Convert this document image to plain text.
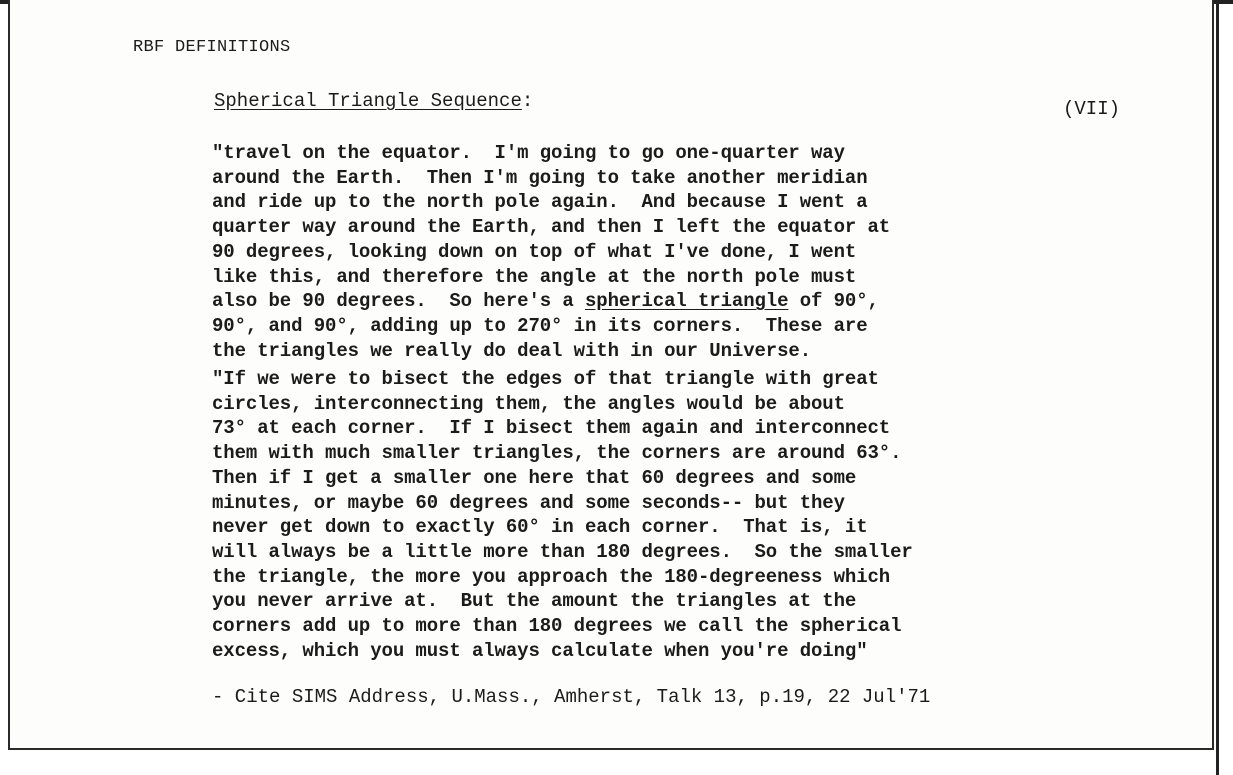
RBF DEFINITIONS
Spherical Triangle Sequence:	(VII)
"travel on the equator.  I'm going to go one-quarter way
around the Earth.  Then I'm going to take another meridian
and ride up to the north pole again.  And because I went a
quarter way around the Earth, and then I left the equator at
90 degrees, looking down on top of what I've done, I went
like this, and therefore the angle at the north pole must
also be 90 degrees.  So here's a spherical triangle of 90°,
90°, and 90°, adding up to 270° in its corners.  These are
the triangles we really do deal with in our Universe.
"If we were to bisect the edges of that triangle with great
circles, interconnecting them, the angles would be about
73° at each corner.  If I bisect them again and interconnect
them with much smaller triangles, the corners are around 63°.
Then if I get a smaller one here that 60 degrees and some
minutes, or maybe 60 degrees and some seconds-- but they
never get down to exactly 60° in each corner.  That is, it
will always be a little more than 180 degrees.  So the smaller
the triangle, the more you approach the 180-degreeness which
you never arrive at.  But the amount the triangles at the
corners add up to more than 180 degrees we call the spherical
excess, which you must always calculate when you're doing"
- Cite SIMS Address, U.Mass., Amherst, Talk 13, p.19, 22 Jul'71
